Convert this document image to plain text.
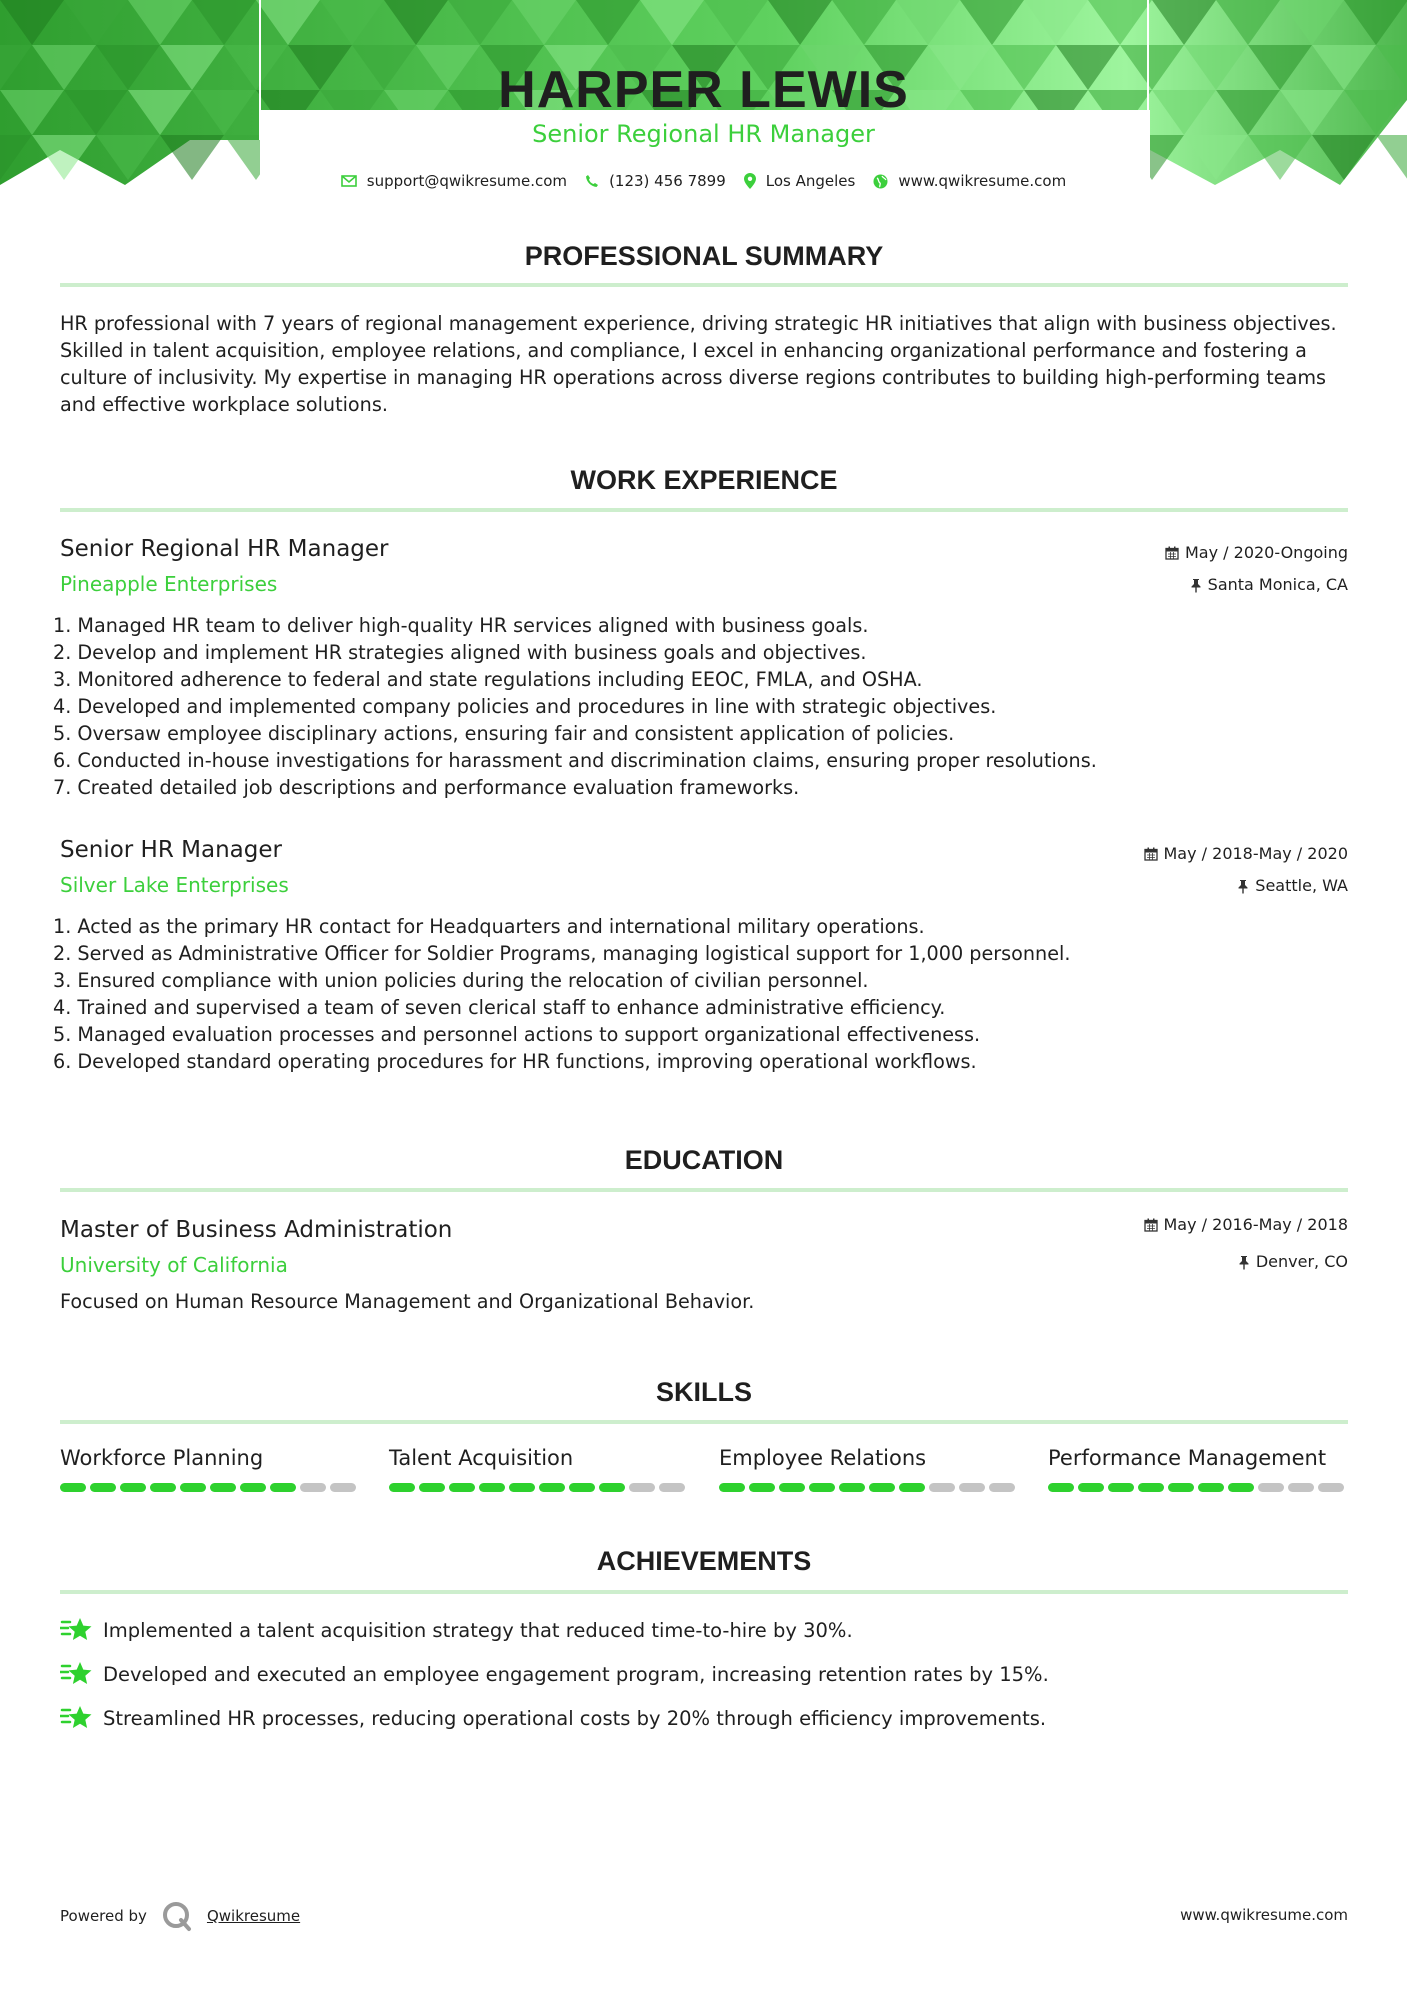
HARPER LEWIS
Senior Regional HR Manager
support@qwikresume.com	(123) 456 7899	Los Angeles	www.qwikresume.com
PROFESSIONAL SUMMARY

HR professional with 7 years of regional management experience, driving strategic HR initiatives that align with business objectives. Skilled in talent acquisition, employee relations, and compliance, I excel in enhancing organizational performance and fostering a culture of inclusivity. My expertise in managing HR operations across diverse regions contributes to building high-performing teams and effective workplace solutions.

WORK EXPERIENCE
Senior Regional HR Manager	May / 2020-Ongoing
Pineapple Enterprises	Santa Monica, CA
1. Managed HR team to deliver high-quality HR services aligned with business goals.
2. Develop and implement HR strategies aligned with business goals and objectives.
3. Monitored adherence to federal and state regulations including EEOC, FMLA, and OSHA.
4. Developed and implemented company policies and procedures in line with strategic objectives.
5. Oversaw employee disciplinary actions, ensuring fair and consistent application of policies.
6. Conducted in-house investigations for harassment and discrimination claims, ensuring proper resolutions.
7. Created detailed job descriptions and performance evaluation frameworks.
Senior HR Manager	May / 2018-May / 2020
Silver Lake Enterprises	Seattle, WA
1. Acted as the primary HR contact for Headquarters and international military operations.
2. Served as Administrative Officer for Soldier Programs, managing logistical support for 1,000 personnel.
3. Ensured compliance with union policies during the relocation of civilian personnel.
4. Trained and supervised a team of seven clerical staff to enhance administrative efficiency.
5. Managed evaluation processes and personnel actions to support organizational effectiveness.
6. Developed standard operating procedures for HR functions, improving operational workflows.
EDUCATION
Master of Business Administration	May / 2016-May / 2018
University of California	Denver, CO

Focused on Human Resource Management and Organizational Behavior.

SKILLS
Workforce Planning	Talent Acquisition	Employee Relations	Performance Management
ACHIEVEMENTS
Implemented a talent acquisition strategy that reduced time-to-hire by 30%.
Developed and executed an employee engagement program, increasing retention rates by 15%.
Streamlined HR processes, reducing operational costs by 20% through efficiency improvements.
Powered by	Qwikresume	www.qwikresume.com
